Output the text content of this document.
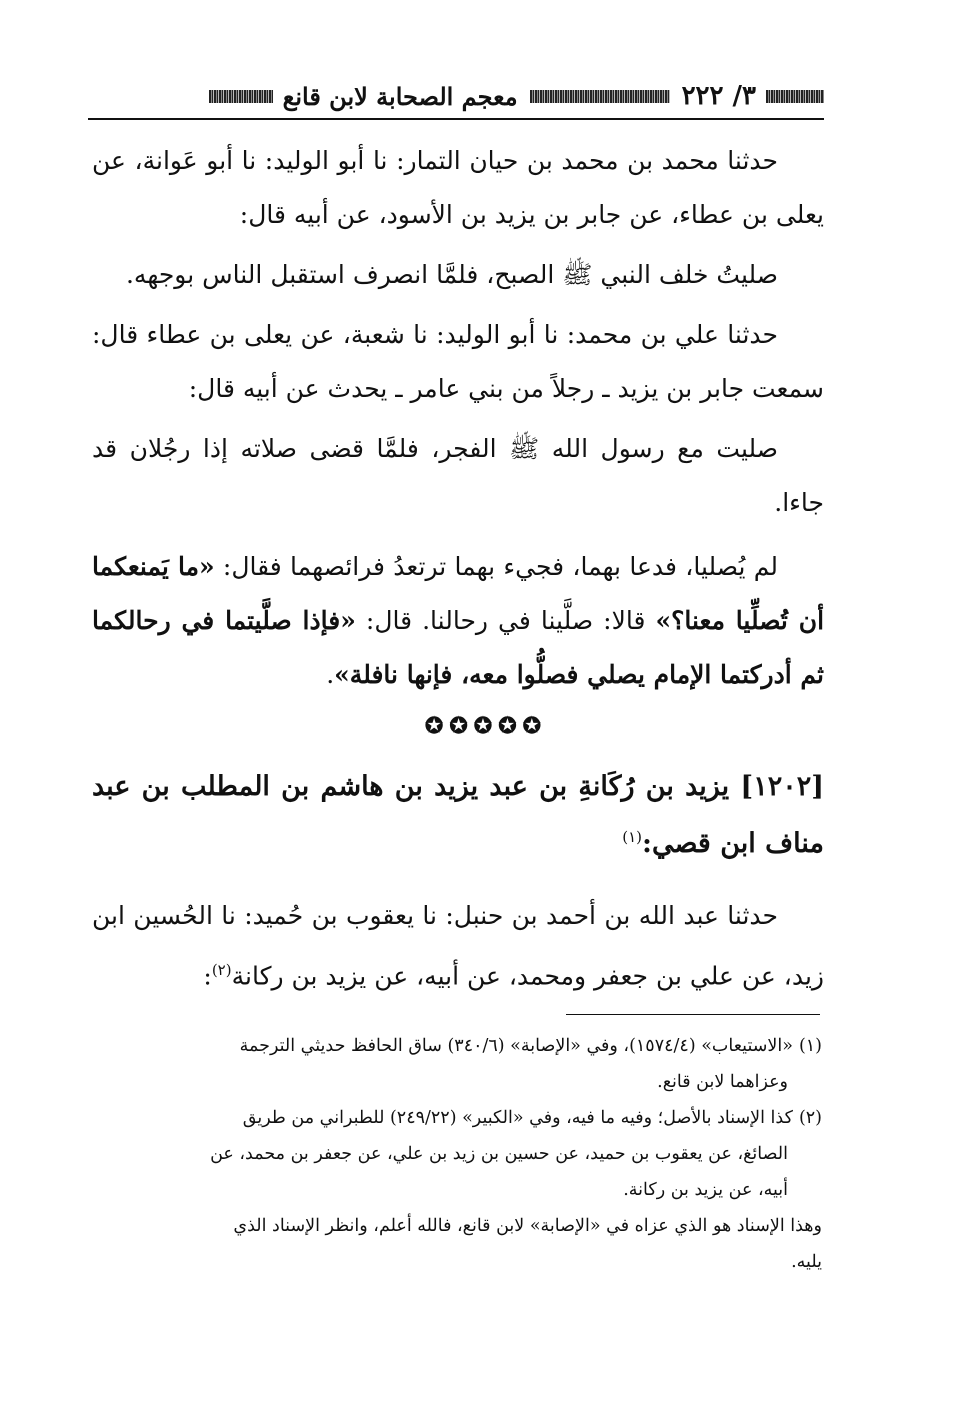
٣/ ٢٢٢
معجم الصحابة لابن قانع

حدثنا محمد بن محمد بن حيان التمار: نا أبو الوليد: نا أبو عَوانة، عن يعلى بن عطاء، عن جابر بن يزيد بن الأسود، عن أبيه قال:

صليتُ خلف النبي ﷺ الصبح، فلمَّا انصرف استقبل الناس بوجهه.

حدثنا علي بن محمد: نا أبو الوليد: نا شعبة، عن يعلى بن عطاء قال: سمعت جابر بن يزيد ـ رجلاً من بني عامر ـ يحدث عن أبيه قال:

صليت مع رسول الله ﷺ الفجر، فلمَّا قضى صلاته إذا رجُلان قد جاءا.

لم يُصليا، فدعا بهما، فجيء بهما ترتعدُ فرائصهما فقال: «ما يَمنعكما أن تُصلِّيا معنا؟» قالا: صلَّينا في رحالنا. قال: «فإذا صلَّيتما في رحالكما ثم أدركتما الإمام يصلي فصلُّوا معه، فإنها نافلة».

✪✪✪✪✪

[١٢٠٢] يزيد بن رُكَانةِ بن عبد يزيد بن هاشم بن المطلب بن عبد مناف ابن قصي:$^{(١)}$

حدثنا عبد الله بن أحمد بن حنبل: نا يعقوب بن حُميد: نا الحُسين ابن زيد، عن علي بن جعفر ومحمد، عن أبيه، عن يزيد بن ركانة$^{(٢)}$:

(١)«الاستيعاب» (١٥٧٤/٤)، وفي «الإصابة» (٣٤٠/٦) ساق الحافظ حديثي الترجمة

وعزاهما لابن قانع.

(٢)كذا الإسناد بالأصل؛ وفيه ما فيه، وفي «الكبير» (٢٤٩/٢٢) للطبراني من طريق

الصائغ، عن يعقوب بن حميد، عن حسين بن زيد بن علي، عن جعفر بن محمد، عن

أبيه، عن يزيد بن ركانة.

وهذا الإسناد هو الذي عزاه في «الإصابة» لابن قانع، فالله أعلم، وانظر الإسناد الذي

يليه.
